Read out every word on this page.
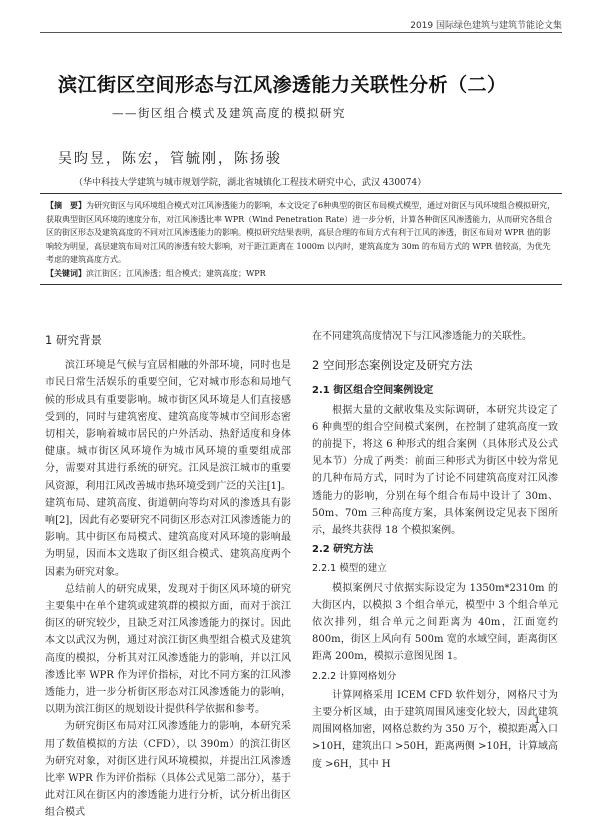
2019 国际绿色建筑与建筑节能论文集
滨江街区空间形态与江风渗透能力关联性分析（二）
——街区组合模式及建筑高度的模拟研究
吴昀昱，陈宏，管毓刚，陈扬骏
（华中科技大学建筑与城市规划学院，湖北省城镇化工程技术研究中心，武汉 430074）
【摘　要】为研究街区与风环境组合模式对江风渗透能力的影响，本文设定了6种典型的街区布局模式模型，通过对街区与风环境组合模拟研究，获取典型街区风环境的速度分布，对江风渗透比率 WPR（Wind Penetration Rate）进一步分析，计算各种街区风渗透能力，从而研究各组合区的街区形态及建筑高度的不同对江风渗透能力的影响。模拟研究结果表明，高层合理的布局方式有利于江风的渗透，街区布局对 WPR 值的影响较为明显，高层建筑布局对江风的渗透有较大影响，对于距江距离在 1000m 以内时，建筑高度为 30m 的布局方式的 WPR 值较高，为优先考虑的建筑高度方式。
【关键词】滨江街区；江风渗透；组合模式；建筑高度；WPR
1 研究背景

滨江环境是气候与宜居相融的外部环境，同时也是市民日常生活娱乐的重要空间，它对城市形态和局地气候的形成具有重要影响。城市街区风环境是人们直接感受到的，同时与建筑密度、建筑高度等城市空间形态密切相关，影响着城市居民的户外活动、热舒适度和身体健康。城市街区风环境作为城市风环境的重要组成部分，需要对其进行系统的研究。江风是滨江城市的重要风资源，利用江风改善城市热环境受到广泛的关注[1]。建筑布局、建筑高度、街道朝向等均对风的渗透具有影响[2]，因此有必要研究不同街区形态对江风渗透能力的影响。其中街区布局模式、建筑高度对风环境的影响最为明显，因而本文选取了街区组合模式、建筑高度两个因素为研究对象。

总结前人的研究成果，发现对于街区风环境的研究主要集中在单个建筑或建筑群的模拟方面，而对于滨江街区的研究较少，且缺乏对江风渗透能力的探讨。因此本文以武汉为例，通过对滨江街区典型组合模式及建筑高度的模拟，分析其对江风渗透能力的影响，并以江风渗透比率 WPR 作为评价指标，对比不同方案的江风渗透能力，进一步分析街区形态对江风渗透能力的影响，以期为滨江街区的规划设计提供科学依据和参考。

为研究街区布局对江风渗透能力的影响，本研究采用了数值模拟的方法（CFD），以 390m）的滨江街区为研究对象，对街区进行风环境模拟，并提出江风渗透比率 WPR 作为评价指标（具体公式见第二部分），基于此对江风在街区内的渗透能力进行分析，试分析出街区组合模式

在不同建筑高度情况下与江风渗透能力的关联性。

2 空间形态案例设定及研究方法
2.1 街区组合空间案例设定

根据大量的文献收集及实际调研，本研究共设定了 6 种典型的组合空间模式案例，在控制了建筑高度一致的前提下，将这 6 种形式的组合案例（具体形式及公式见本节）分成了两类：前面三种形式为街区中较为常见的几种布局方式，同时为了讨论不同建筑高度对江风渗透能力的影响，分别在每个组合布局中设计了 30m、50m、70m 三种高度方案，具体案例设定见表下图所示，最终共获得 18 个模拟案例。

2.2 研究方法
2.2.1 模型的建立

模拟案例尺寸依据实际设定为 1350m*2310m 的大街区内，以模拟 3 个组合单元，模型中 3 个组合单元依次排列，组合单元之间距离为 40m，江面宽约 800m，街区上风向有 500m 宽的水域空间，距离街区距离 200m，模拟示意图见图 1。

2.2.2 计算网格划分

计算网格采用 ICEM CFD 软件划分，网格尺寸为主要分析区域，由于建筑周围风速变化较大，因此建筑周围网格加密，网格总数约为 350 万个，模拟距离入口 >10H，建筑出口 >50H，距离两侧 >10H，计算域高度 >6H，其中 H

1
